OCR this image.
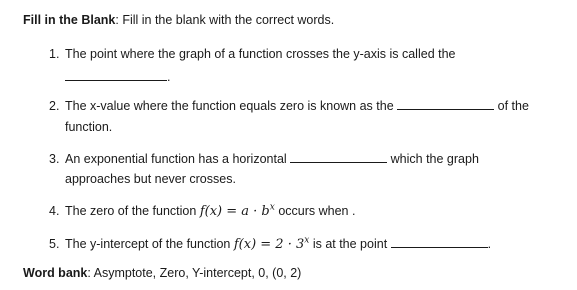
Fill in the Blank: Fill in the blank with the correct words.
1. The point where the graph of a function crosses the y-axis is called the
.
2. The x-value where the function equals zero is known as the	of the
function.
3. An exponential function has a horizontal	which the graph
approaches but never crosses.
4. The zero of the function $f(x) = a \cdot b^x$ occurs when .
5. The y-intercept of the function $f(x) = 2 \cdot 3^x$ is at the point	.
Word bank: Asymptote, Zero, Y-intercept, 0, (0, 2)
